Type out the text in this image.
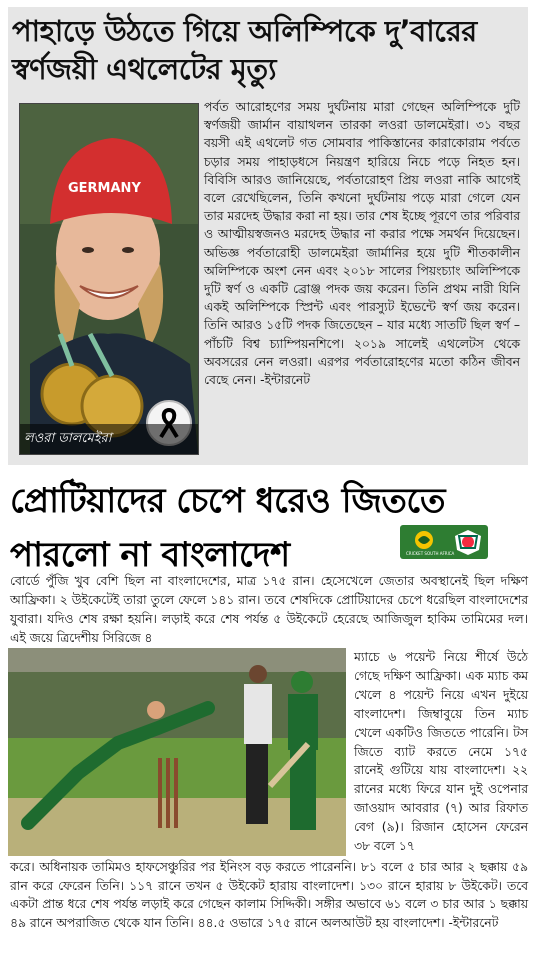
পাহাড়ে উঠতে গিয়ে অলিম্পিকে দু’বারের স্বর্ণজয়ী এথলেটের মৃত্যু
GERMANY
লওরা ডালমেইরা
পর্বত আরোহণের সময় দুর্ঘটনায় মারা গেছেন অলিম্পিকে দুটি স্বর্ণজয়ী জার্মান বায়াথলন তারকা লওরা ডালমেইরা। ৩১ বছর বয়সী এই এথলেট গত সোমবার পাকিস্তানের কারাকোরাম পর্বতে চড়ার সময় পাহাড়ধসে নিয়ন্ত্রণ হারিয়ে নিচে পড়ে নিহত হন। বিবিসি আরও জানিয়েছে, পর্বতারোহণ প্রিয় লওরা নাকি আগেই বলে রেখেছিলেন, তিনি কখনো দুর্ঘটনায় পড়ে মারা গেলে যেন তার মরদেহ উদ্ধার করা না হয়। তার শেষ ইচ্ছে পূরণে তার পরিবার ও আত্মীয়স্বজনও মরদেহ উদ্ধার না করার পক্ষে সমর্থন দিয়েছেন। অভিজ্ঞ পর্বতারোহী ডালমেইরা জার্মানির হয়ে দুটি শীতকালীন অলিম্পিকে অংশ নেন এবং ২০১৮ সালের পিয়ংচ্যাং অলিম্পিকে দুটি স্বর্ণ ও একটি ব্রোঞ্জ পদক জয় করেন। তিনি প্রথম নারী যিনি একই অলিম্পিকে স্প্রিন্ট এবং পারস্যুট ইভেন্টে স্বর্ণ জয় করেন। তিনি আরও ১৫টি পদক জিতেছেন – যার মধ্যে সাতটি ছিল স্বর্ণ – পাঁচটি বিশ্ব চ্যাম্পিয়নশিপে। ২০১৯ সালেই এথলেটস থেকে অবসরের নেন লওরা। এরপর পর্বতারোহণের মতো কঠিন জীবন বেছে নেন। -ইন্টারনেট
প্রোটিয়াদের চেপে ধরেও জিততে পারলো না বাংলাদেশ	CRICKET SOUTH AFRICA
বোর্ডে পুঁজি খুব বেশি ছিল না বাংলাদেশের, মাত্র ১৭৫ রান। হেসেখেলে জেতার অবস্থানেই ছিল দক্ষিণ আফ্রিকা। ২ উইকেটেই তারা তুলে ফেলে ১৪১ রান। তবে শেষদিকে প্রোটিয়াদের চেপে ধরেছিল বাংলাদেশের যুবারা। যদিও শেষ রক্ষা হয়নি। লড়াই করে শেষ পর্যন্ত ৫ উইকেটে হেরেছে আজিজুল হাকিম তামিমের দল। এই জয়ে ত্রিদেশীয় সিরিজে ৪
ম্যাচে ৬ পয়েন্ট নিয়ে শীর্ষে উঠে গেছে দক্ষিণ আফ্রিকা। এক ম্যাচ কম খেলে ৪ পয়েন্ট নিয়ে এখন দুইয়ে বাংলাদেশ। জিম্বাবুয়ে তিন ম্যাচ খেলে একটিও জিততে পারেনি। টস জিতে ব্যাট করতে নেমে ১৭৫ রানেই গুটিয়ে যায় বাংলাদেশ। ২২ রানের মধ্যে ফিরে যান দুই ওপেনার জাওয়াদ আবরার (৭) আর রিফাত বেগ (৯)। রিজান হোসেন ফেরেন ৩৮ বলে ১৭
করে। অধিনায়ক তামিমও হাফসেঞ্চুরির পর ইনিংস বড় করতে পারেননি। ৮১ বলে ৫ চার আর ২ ছক্কায় ৫৯ রান করে ফেরেন তিনি। ১১৭ রানে তখন ৫ উইকেট হারায় বাংলাদেশ। ১৩০ রানে হারায় ৮ উইকেট। তবে একটা প্রান্ত ধরে শেষ পর্যন্ত লড়াই করে গেছেন কালাম সিদ্দিকী। সঙ্গীর অভাবে ৬১ বলে ৩ চার আর ১ ছক্কায় ৪৯ রানে অপরাজিত থেকে যান তিনি। ৪৪.৫ ওভারে ১৭৫ রানে অলআউট হয় বাংলাদেশ। -ইন্টারনেট
